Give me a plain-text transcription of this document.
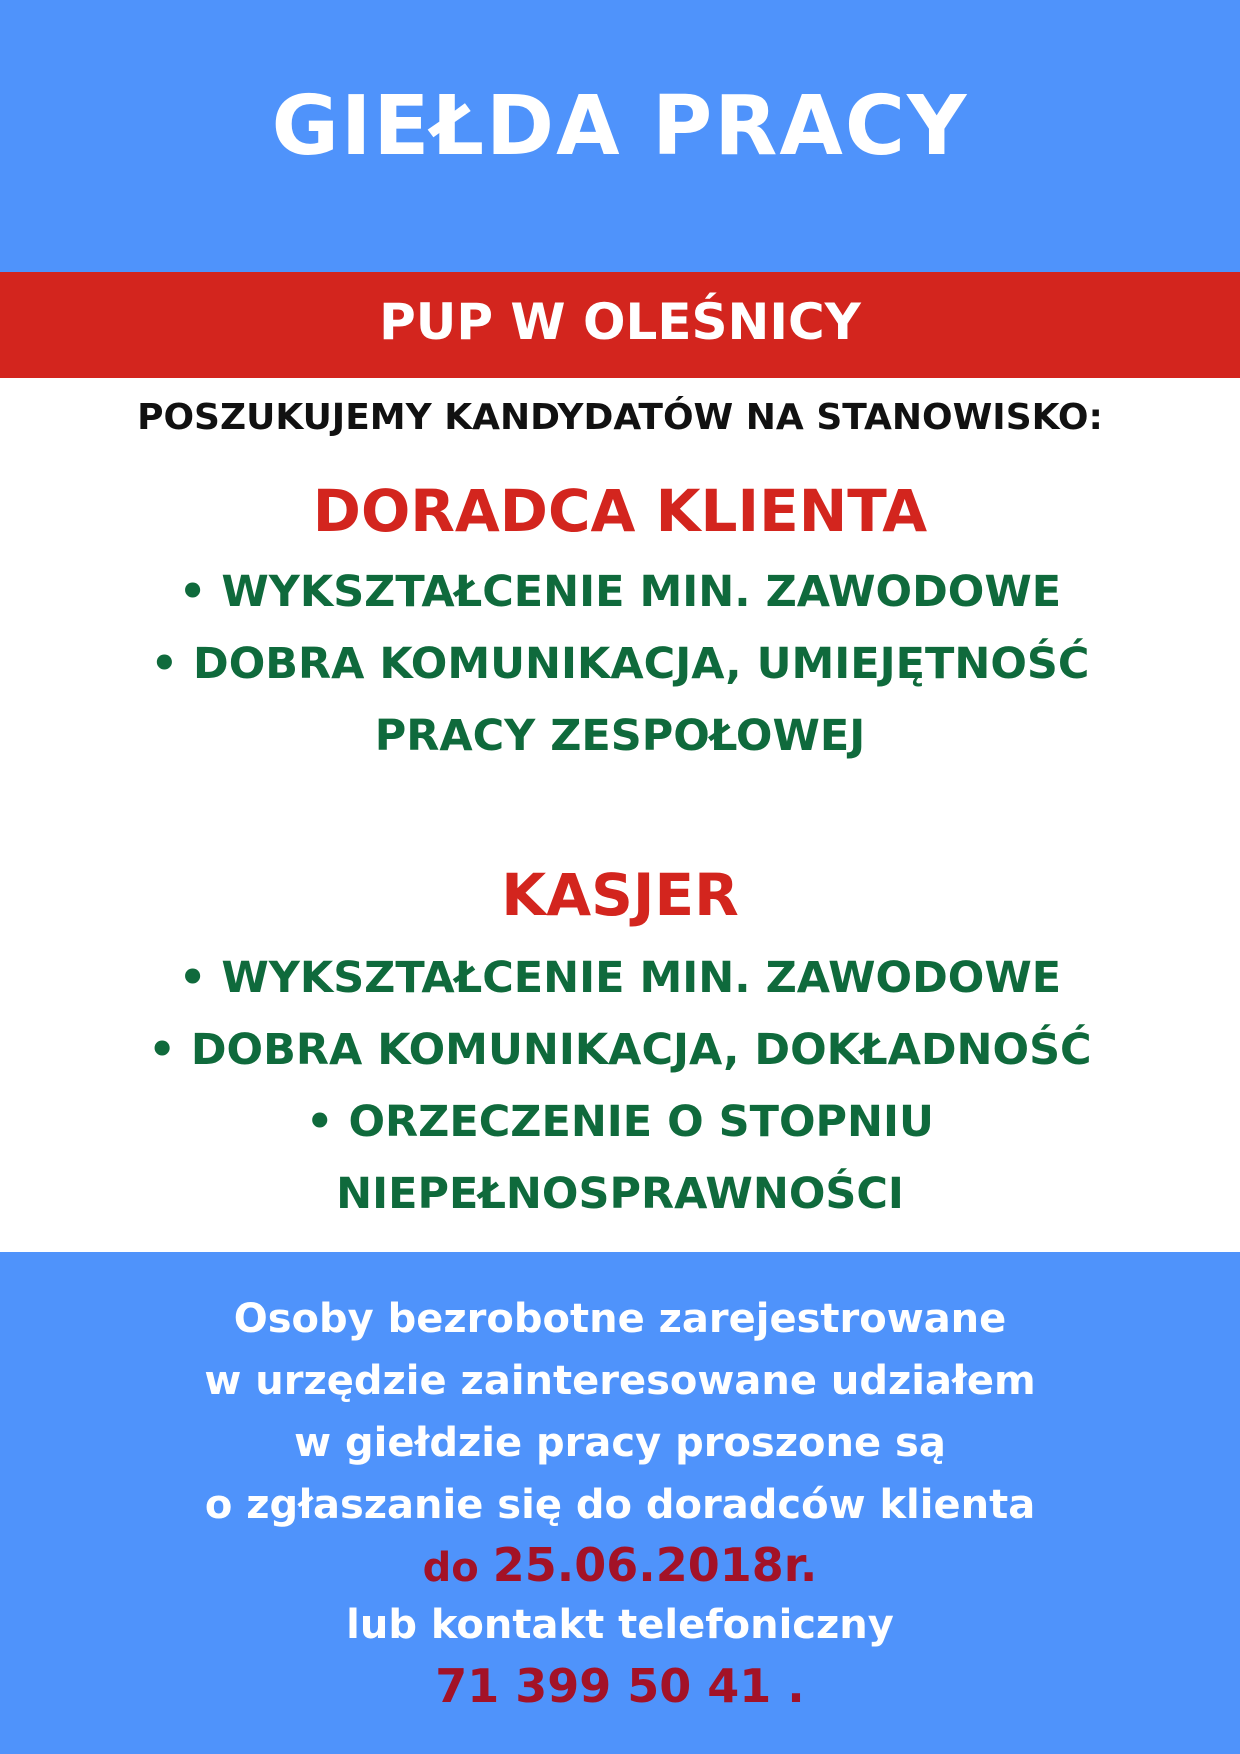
GIEŁDA PRACY
PUP W OLEŚNICY
POSZUKUJEMY KANDYDATÓW NA STANOWISKO:
DORADCA KLIENTA
• WYKSZTAŁCENIE MIN. ZAWODOWE
• DOBRA KOMUNIKACJA, UMIEJĘTNOŚĆ
PRACY ZESPOŁOWEJ
KASJER
• WYKSZTAŁCENIE MIN. ZAWODOWE
• DOBRA KOMUNIKACJA, DOKŁADNOŚĆ
• ORZECZENIE O STOPNIU
NIEPEŁNOSPRAWNOŚCI
Osoby bezrobotne zarejestrowane
w urzędzie zainteresowane udziałem
w giełdzie pracy proszone są
o zgłaszanie się do doradców klienta
do 25.06.2018r.
lub kontakt telefoniczny
71 399 50 41 .
